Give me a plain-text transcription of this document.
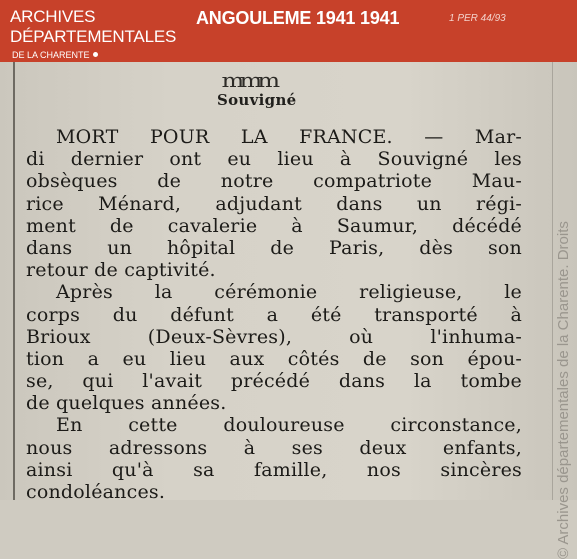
ARCHIVES
DÉPARTEMENTALES
DE LA CHARENTE
ANGOULEME 1941 1941	1 PER 44/93
mmm
Souvigné
MORT POUR LA FRANCE. — Mar-
di dernier ont eu lieu à Souvigné les
obsèques de notre compatriote Mau-
rice Ménard, adjudant dans un régi-
ment de cavalerie à Saumur, décédé
dans un hôpital de Paris, dès son
retour de captivité.
Après la cérémonie religieuse, le
corps du défunt a été transporté à
Brioux (Deux-Sèvres), où l'inhuma-
tion a eu lieu aux côtés de son épou-
se, qui l'avait précédé dans la tombe
de quelques années.
En cette douloureuse circonstance,
nous adressons à ses deux enfants,
ainsi qu'à sa famille, nos sincères
condoléances.	© Archives départementales de la Charente. Droits
